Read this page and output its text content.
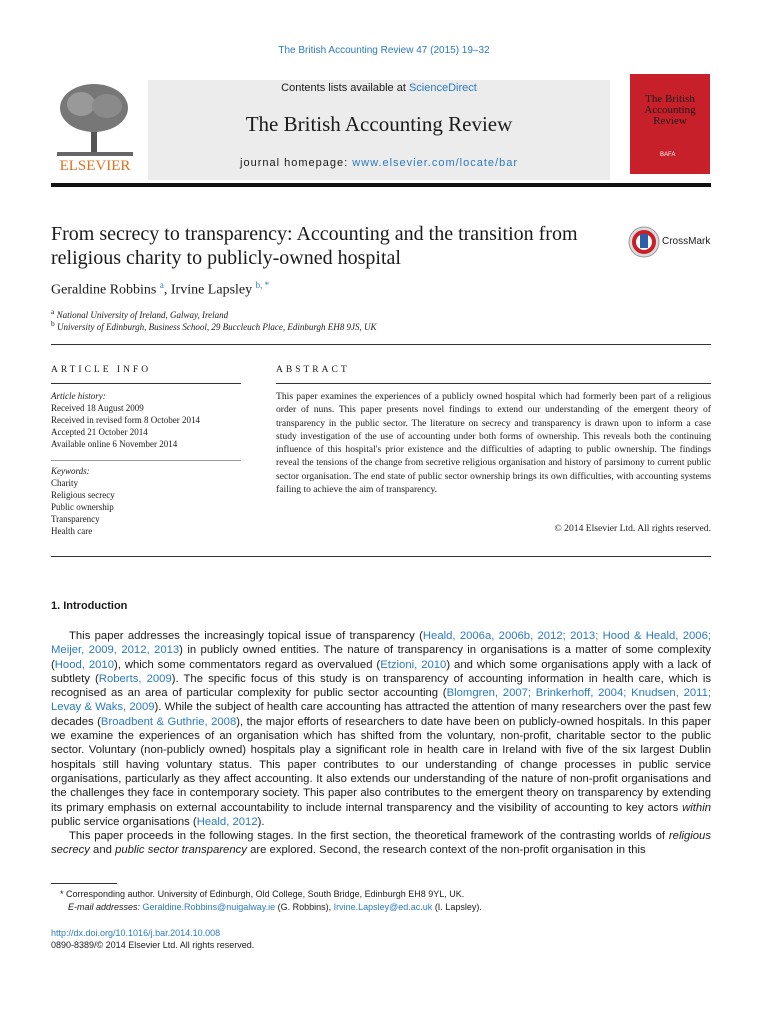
The British Accounting Review 47 (2015) 19–32
ELSEVIER
Contents lists available at ScienceDirect
The British Accounting Review
journal homepage: www.elsevier.com/locate/bar
The British Accounting Review
BAFA
From secrecy to transparency: Accounting and the transition from religious charity to publicly-owned hospital
CrossMark
Geraldine Robbins $^a$, Irvine Lapsley $^{b, *}$
$^a$ National University of Ireland, Galway, Ireland
$^b$ University of Edinburgh, Business School, 29 Buccleuch Place, Edinburgh EH8 9JS, UK
ARTICLE INFO
Article history:
Received 18 August 2009
Received in revised form 8 October 2014
Accepted 21 October 2014
Available online 6 November 2014
Keywords:
Charity
Religious secrecy
Public ownership
Transparency
Health care
ABSTRACT
This paper examines the experiences of a publicly owned hospital which had formerly been part of a religious order of nuns. This paper presents novel findings to extend our understanding of the emergent theory of transparency in the public sector. The literature on secrecy and transparency is drawn upon to inform a case study investigation of the use of accounting under both forms of ownership. This reveals both the continuing influence of this hospital's prior existence and the difficulties of adapting to public ownership. The findings reveal the tensions of the change from secretive religious organisation and history of parsimony to current public sector organisation. The end state of public sector ownership brings its own difficulties, with accounting systems failing to achieve the aim of transparency.
© 2014 Elsevier Ltd. All rights reserved.
1. Introduction

This paper addresses the increasingly topical issue of transparency (Heald, 2006a, 2006b, 2012; 2013; Hood & Heald, 2006; Meijer, 2009, 2012, 2013) in publicly owned entities. The nature of transparency in organisations is a matter of some complexity (Hood, 2010), which some commentators regard as overvalued (Etzioni, 2010) and which some organisations apply with a lack of subtlety (Roberts, 2009). The specific focus of this study is on transparency of accounting information in health care, which is recognised as an area of particular complexity for public sector accounting (Blomgren, 2007; Brinkerhoff, 2004; Knudsen, 2011; Levay & Waks, 2009). While the subject of health care accounting has attracted the attention of many researchers over the past few decades (Broadbent & Guthrie, 2008), the major efforts of researchers to date have been on publicly-owned hospitals. In this paper we examine the experiences of an organisation which has shifted from the voluntary, non-profit, charitable sector to the public sector. Voluntary (non-publicly owned) hospitals play a significant role in health care in Ireland with five of the six largest Dublin hospitals still having voluntary status. This paper contributes to our understanding of change processes in public service organisations, particularly as they affect accounting. It also extends our understanding of the nature of non-profit organisations and the challenges they face in contemporary society. This paper also contributes to the emergent theory on transparency by extending its primary emphasis on external accountability to include internal transparency and the visibility of accounting to key actors within public service organisations (Heald, 2012).

This paper proceeds in the following stages. In the first section, the theoretical framework of the contrasting worlds of religious secrecy and public sector transparency are explored. Second, the research context of the non-profit organisation in this

* Corresponding author. University of Edinburgh, Old College, South Bridge, Edinburgh EH8 9YL, UK.
E-mail addresses: Geraldine.Robbins@nuigalway.ie (G. Robbins), Irvine.Lapsley@ed.ac.uk (I. Lapsley).
http://dx.doi.org/10.1016/j.bar.2014.10.008
0890-8389/© 2014 Elsevier Ltd. All rights reserved.
